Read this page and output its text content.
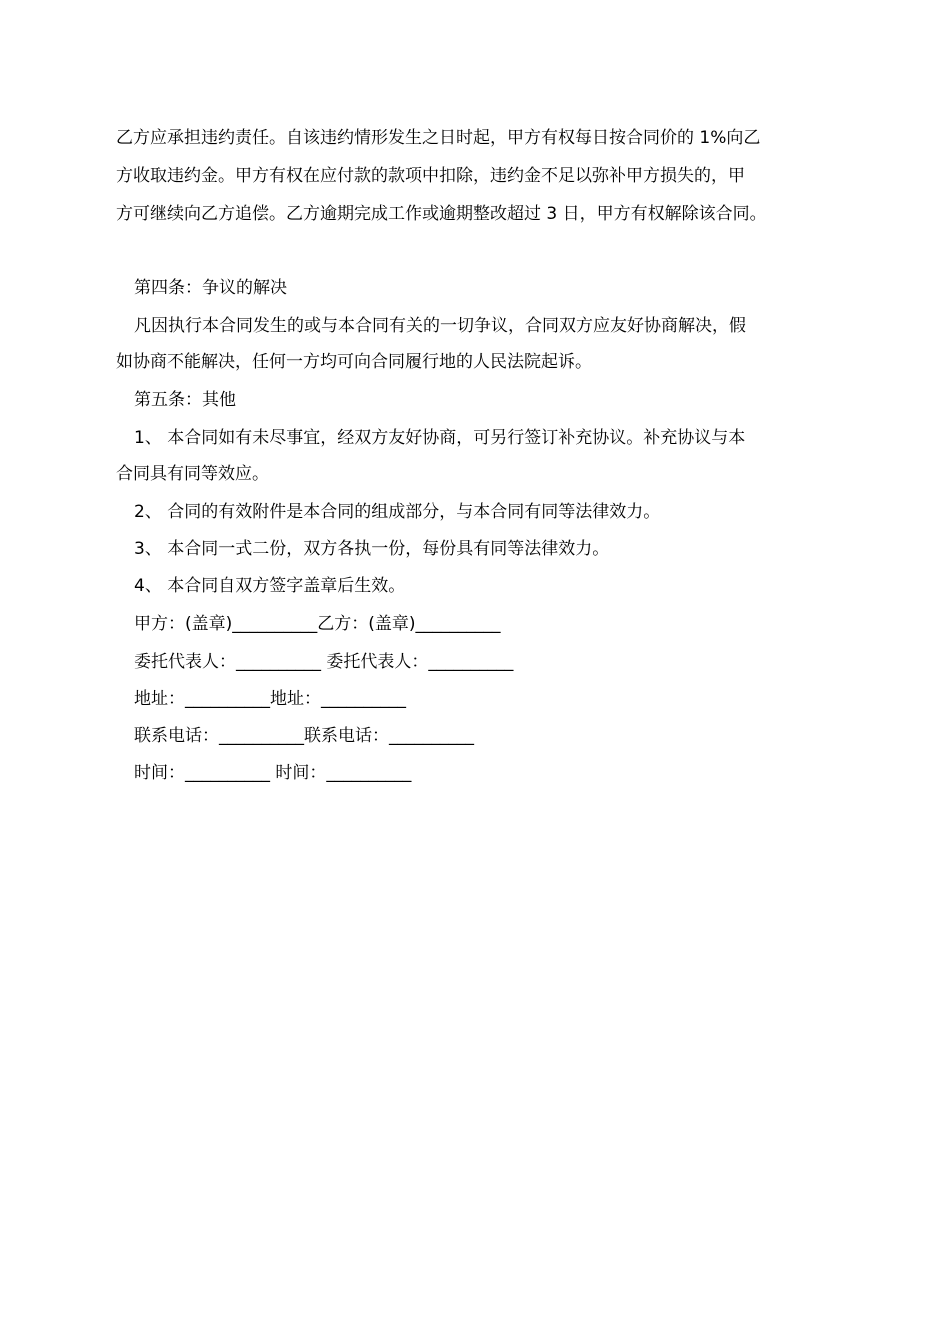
乙方应承担违约责任。自该违约情形发生之日时起，甲方有权每日按合同价的 1%向乙
方收取违约金。甲方有权在应付款的款项中扣除，违约金不足以弥补甲方损失的，甲
方可继续向乙方追偿。乙方逾期完成工作或逾期整改超过 3 日，甲方有权解除该合同。
第四条：争议的解决
凡因执行本合同发生的或与本合同有关的一切争议，合同双方应友好协商解决，假
如协商不能解决，任何一方均可向合同履行地的人民法院起诉。
第五条：其他
1、 本合同如有未尽事宜，经双方友好协商，可另行签订补充协议。补充协议与本
合同具有同等效应。
2、 合同的有效附件是本合同的组成部分，与本合同有同等法律效力。
3、 本合同一式二份，双方各执一份，每份具有同等法律效力。
4、 本合同自双方签字盖章后生效。
甲方：(盖章)__________乙方：(盖章)__________
委托代表人：__________ 委托代表人：__________
地址：__________地址：__________
联系电话：__________联系电话：__________
时间：__________ 时间：__________
